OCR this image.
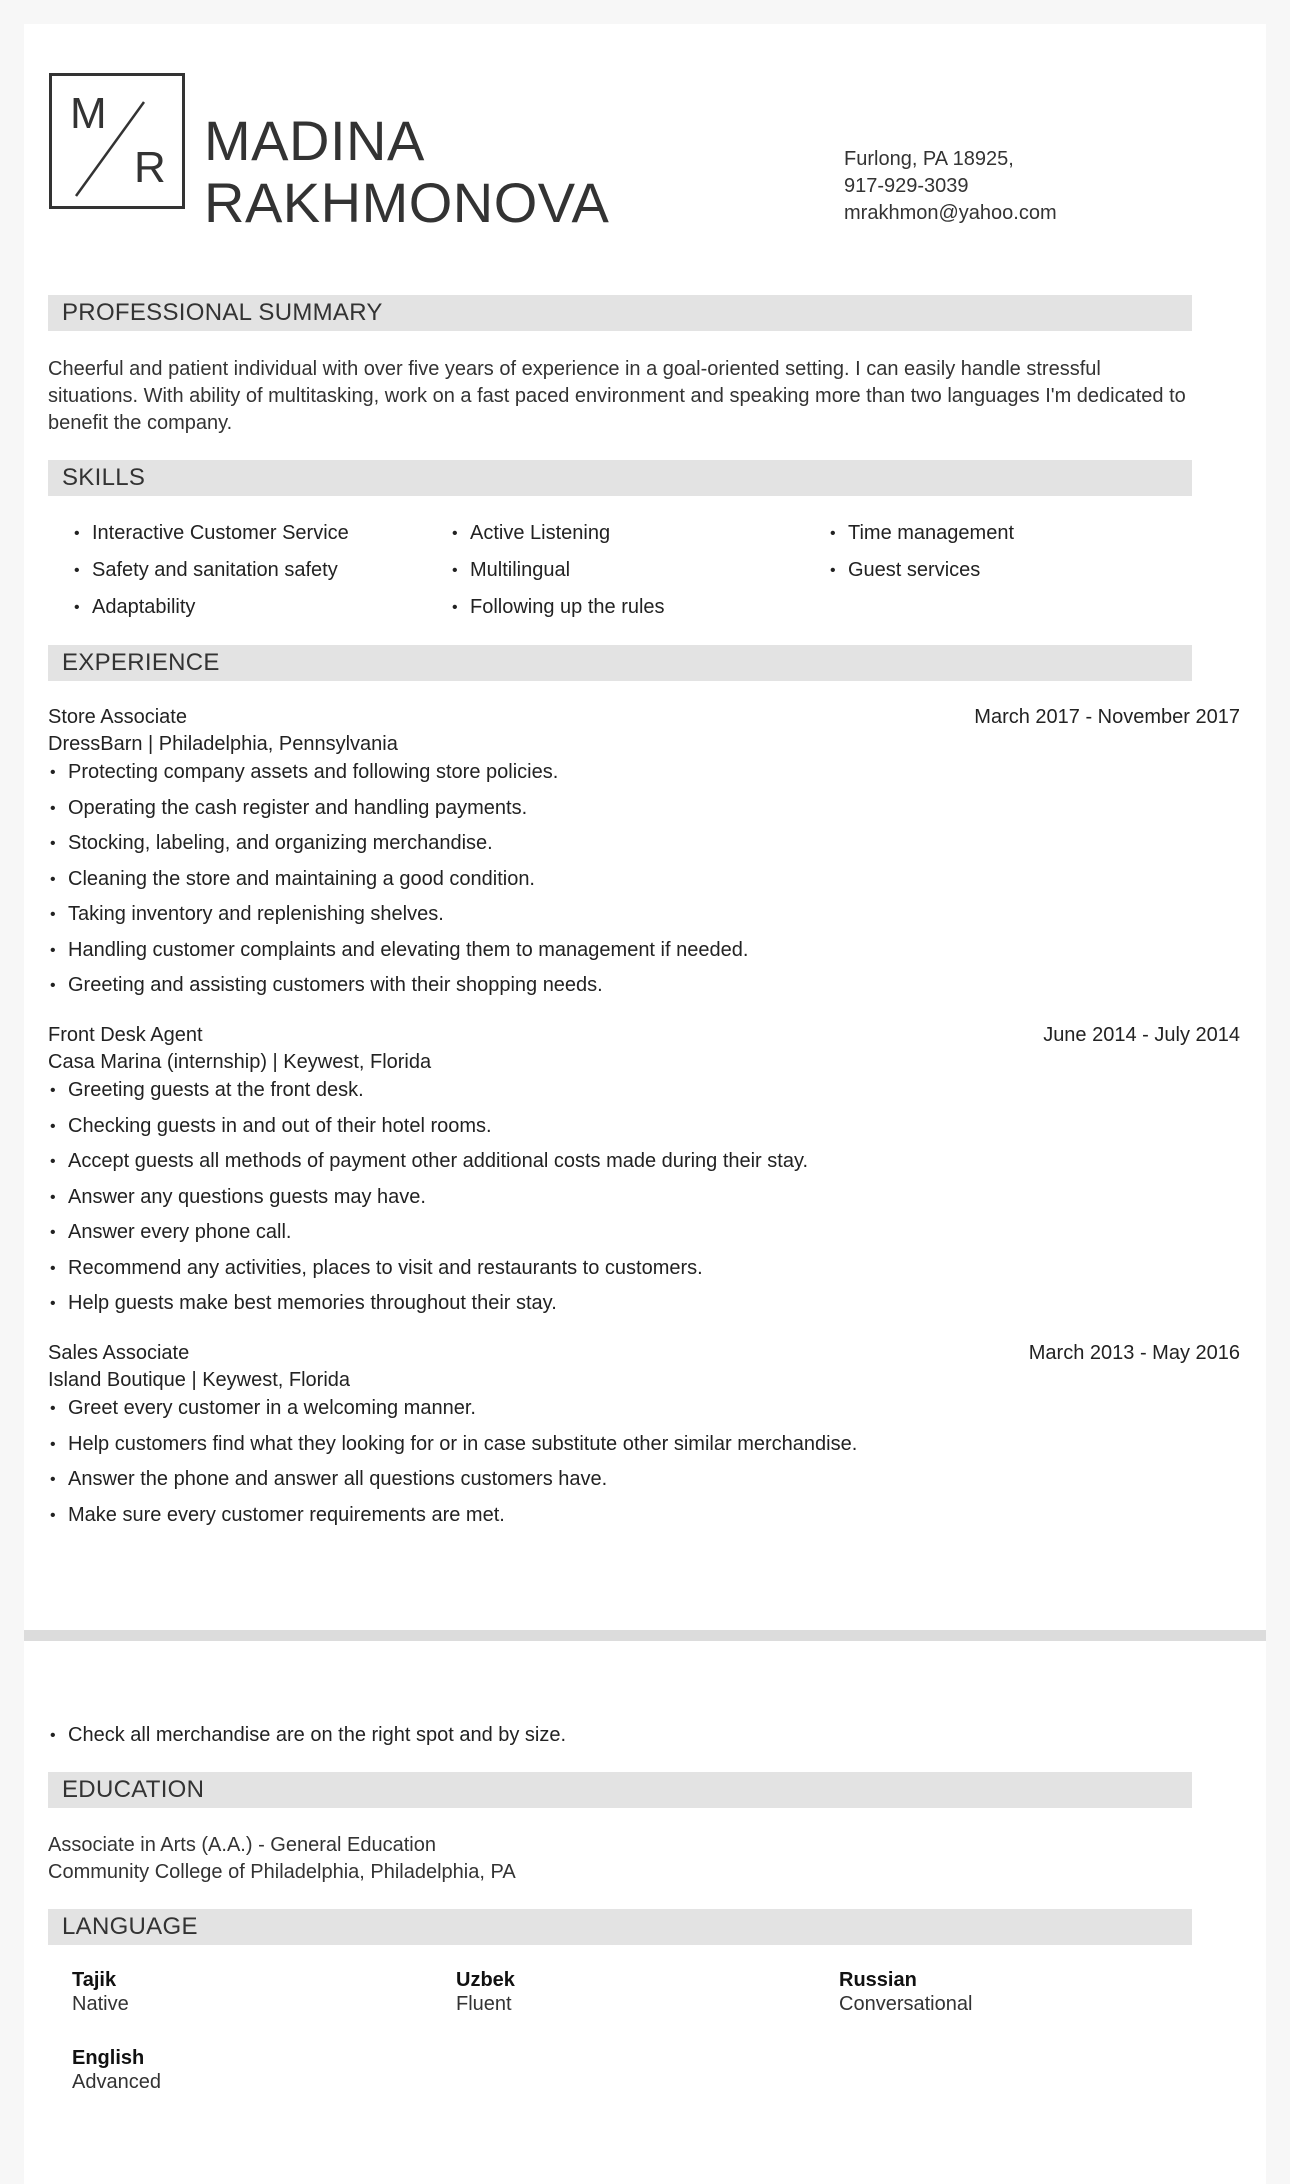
M
R MADINA
RAKHMONOVA
Furlong, PA 18925,
917-929-3039
mrakhmon@yahoo.com
PROFESSIONAL SUMMARY
Cheerful and patient individual with over five years of experience in a goal-oriented setting. I can easily handle stressful situations. With ability of multitasking, work on a fast paced environment and speaking more than two languages I'm dedicated to benefit the company.
SKILLS
• Interactive Customer Service
• Safety and sanitation safety
• Adaptability
• Active Listening
• Multilingual
• Following up the rules
• Time management
• Guest services
EXPERIENCE
Store Associate	March 2017 - November 2017
DressBarn | Philadelphia, Pennsylvania
• Protecting company assets and following store policies.
• Operating the cash register and handling payments.
• Stocking, labeling, and organizing merchandise.
• Cleaning the store and maintaining a good condition.
• Taking inventory and replenishing shelves.
• Handling customer complaints and elevating them to management if needed.
• Greeting and assisting customers with their shopping needs.
Front Desk Agent	June 2014 - July 2014
Casa Marina (internship) | Keywest, Florida
• Greeting guests at the front desk.
• Checking guests in and out of their hotel rooms.
• Accept guests all methods of payment other additional costs made during their stay.
• Answer any questions guests may have.
• Answer every phone call.
• Recommend any activities, places to visit and restaurants to customers.
• Help guests make best memories throughout their stay.
Sales Associate	March 2013 - May 2016
Island Boutique | Keywest, Florida
• Greet every customer in a welcoming manner.
• Help customers find what they looking for or in case substitute other similar merchandise.
• Answer the phone and answer all questions customers have.
• Make sure every customer requirements are met.
• Check all merchandise are on the right spot and by size.
EDUCATION
Associate in Arts (A.A.) - General Education
Community College of Philadelphia, Philadelphia, PA
LANGUAGE
Tajik
Native
Uzbek
Fluent
Russian
Conversational
English
Advanced
